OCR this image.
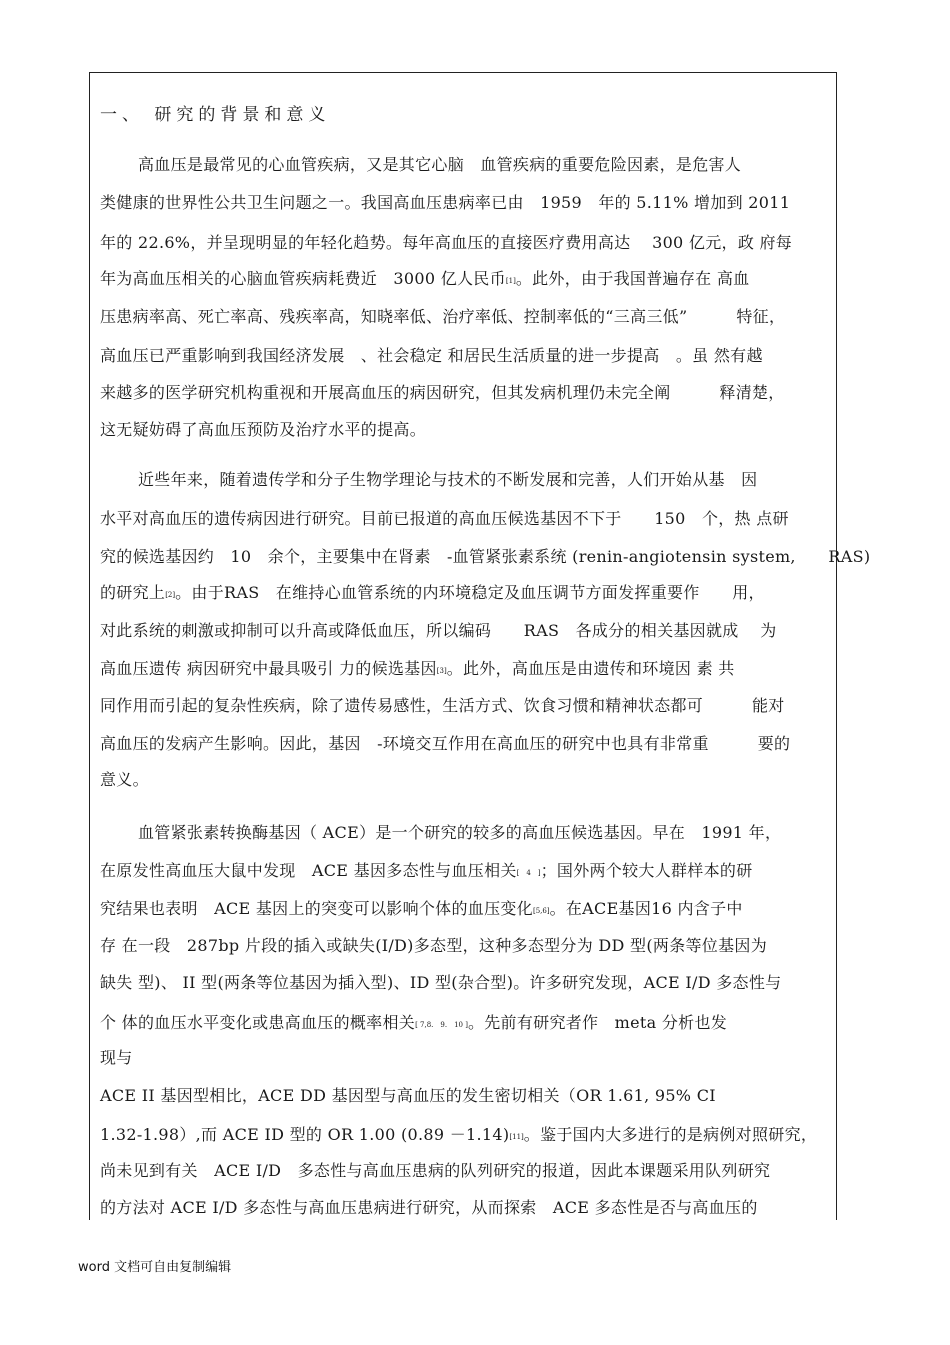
一、 研究的背景和意义
高血压是最常见的心血管疾病，又是其它心脑　血管疾病的重要危险因素，是危害人
类健康的世界性公共卫生问题之一。我国高血压患病率已由　1959　年的 5.11% 增加到 2011
年的 22.6%，并呈现明显的年轻化趋势。每年高血压的直接医疗费用高达　 300 亿元，政 府每
年为高血压相关的心脑血管疾病耗费近　3000 亿人民币[1]。此外，由于我国普遍存在 高血
压患病率高、死亡率高、残疾率高，知晓率低、治疗率低、控制率低的“三高三低”　　　特征，
高血压已严重影响到我国经济发展　、社会稳定 和居民生活质量的进一步提高　。虽 然有越
来越多的医学研究机构重视和开展高血压的病因研究，但其发病机理仍未完全阐　　　释清楚，
这无疑妨碍了高血压预防及治疗水平的提高。
近些年来，随着遗传学和分子生物学理论与技术的不断发展和完善，人们开始从基　因
水平对高血压的遗传病因进行研究。目前已报道的高血压候选基因不下于　　150　个，热 点研
究的候选基因约　10　余个，主要集中在肾素　-血管紧张素系统 (renin-angiotensin system,　　RAS)
的研究上[2]。由于RAS　在维持心血管系统的内环境稳定及血压调节方面发挥重要作　　用，
对此系统的刺激或抑制可以升高或降低血压，所以编码　　RAS　各成分的相关基因就成　 为
高血压遗传 病因研究中最具吸引 力的候选基因[3]。此外，高血压是由遗传和环境因 素 共
同作用而引起的复杂性疾病，除了遗传易感性，生活方式、饮食习惯和精神状态都可　　　能对
高血压的发病产生影响。因此，基因　-环境交互作用在高血压的研究中也具有非常重　　　要的
意义。
血管紧张素转换酶基因（ ACE）是一个研究的较多的高血压候选基因。早在　1991 年，
在原发性高血压大鼠中发现　ACE 基因多态性与血压相关[　4　]；国外两个较大人群样本的研
究结果也表明　ACE 基因上的突变可以影响个体的血压变化[5,6]。在ACE基因16 内含子中
存 在一段　287bp 片段的插入或缺失(I/D)多态型，这种多态型分为 DD 型(两条等位基因为
缺失 型)、 II 型(两条等位基因为插入型)、ID 型(杂合型)。许多研究发现，ACE I/D 多态性与
个 体的血压水平变化或患高血压的概率相关[ 7,8.　9.　10 ]。先前有研究者作　meta 分析也发
现与
ACE II 基因型相比，ACE DD 基因型与高血压的发生密切相关（OR 1.61, 95% CI
1.32-1.98）,而 ACE ID 型的 OR 1.00 (0.89 －1.14)[11]。鉴于国内大多进行的是病例对照研究，
尚未见到有关　ACE I/D　多态性与高血压患病的队列研究的报道，因此本课题采用队列研究
的方法对 ACE I/D 多态性与高血压患病进行研究，从而探索　ACE 多态性是否与高血压的
word 文档可自由复制编辑
